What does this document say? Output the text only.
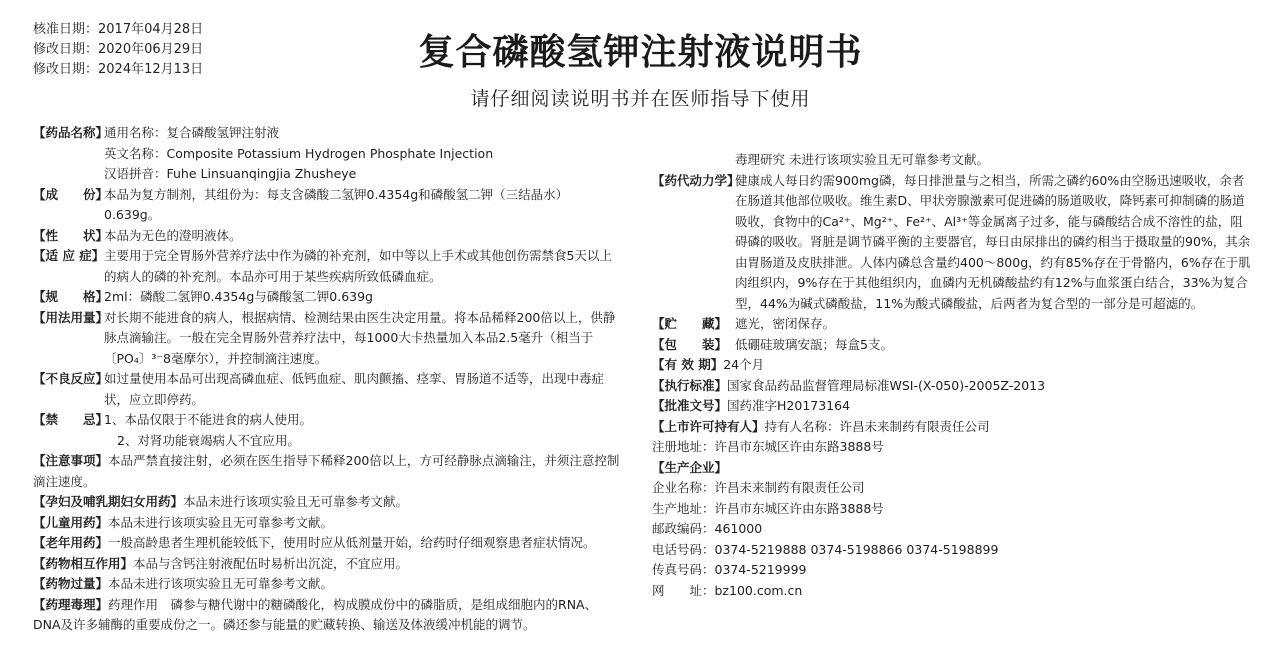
核准日期：2017年04月28日
修改日期：2020年06月29日
修改日期：2024年12月13日	复合磷酸氢钾注射液说明书
请仔细阅读说明书并在医师指导下使用
【药品名称】
通用名称：复合磷酸氢钾注射液
英文名称：Composite Potassium Hydrogen Phosphate Injection
汉语拼音：Fuhe Linsuanqingjia Zhusheye
【成　　份】
本品为复方制剂，其组份为：每支含磷酸二氢钾0.4354g和磷酸氢二钾（三结晶水）0.639g。
【性　　状】
本品为无色的澄明液体。
【适 应 症】 主要用于完全胃肠外营养疗法中作为磷的补充剂，如中等以上手术或其他创伤需禁食5天以上的病人的磷的补充剂。本品亦可用于某些疾病所致低磷血症。
【规　　格】
2ml：磷酸二氢钾0.4354g与磷酸氢二钾0.639g
【用法用量】
对长期不能进食的病人，根据病情、检测结果由医生决定用量。将本品稀释200倍以上，供静脉点滴输注。一般在完全胃肠外营养疗法中，每1000大卡热量加入本品2.5毫升（相当于〔PO₄〕³⁻8毫摩尔），并控制滴注速度。
【不良反应】
如过量使用本品可出现高磷血症、低钙血症、肌肉颤搐、痉挛、胃肠道不适等，出现中毒症状，应立即停药。
【禁　　忌】
1、本品仅限于不能进食的病人使用。
2、对肾功能衰竭病人不宜应用。
【注意事项】本品严禁直接注射，必须在医生指导下稀释200倍以上，方可经静脉点滴输注，并须注意控制滴注速度。
【孕妇及哺乳期妇女用药】本品未进行该项实验且无可靠参考文献。
【儿童用药】本品未进行该项实验且无可靠参考文献。
【老年用药】一般高龄患者生理机能较低下，使用时应从低剂量开始，给药时仔细观察患者症状情况。
【药物相互作用】本品与含钙注射液配伍时易析出沉淀，不宜应用。
【药物过量】本品未进行该项实验且无可靠参考文献。
【药理毒理】药理作用　磷参与糖代谢中的糖磷酸化，构成膜成份中的磷脂质，是组成细胞内的RNA、DNA及许多辅酶的重要成份之一。磷还参与能量的贮藏转换、输送及体液缓冲机能的调节。
毒理研究 未进行该项实验且无可靠参考文献。
【药代动力学】
健康成人每日约需900mg磷，每日排泄量与之相当，所需之磷约60%由空肠迅速吸收，余者在肠道其他部位吸收。维生素D、甲状旁腺激素可促进磷的肠道吸收，降钙素可抑制磷的肠道吸收，食物中的Ca²⁺、Mg²⁺、Fe²⁺、Al³⁺等金属离子过多，能与磷酸结合成不溶性的盐，阻碍磷的吸收。肾脏是调节磷平衡的主要器官，每日由尿排出的磷约相当于摄取量的90%，其余由胃肠道及皮肤排泄。人体内磷总含量约400～800g，约有85%存在于骨骼内，6%存在于肌肉组织内，9%存在于其他组织内，血磷内无机磷酸盐约有12%与血浆蛋白结合，33%为复合型，44%为碱式磷酸盐，11%为酸式磷酸盐，后两者为复合型的一部分是可超滤的。
【贮　　藏】 遮光，密闭保存。
【包　　装】 低硼硅玻璃安瓿；每盒5支。
【有 效 期】 24个月
【执行标准】 国家食品药品监督管理局标准WSI-(X-050)-2005Z-2013
【批准文号】 国药准字H20173164
【上市许可持有人】 持有人名称：许昌未来制药有限责任公司
注册地址：许昌市东城区许由东路3888号
【生产企业】
企业名称：许昌未来制药有限责任公司
生产地址：许昌市东城区许由东路3888号
邮政编码：461000
电话号码：0374-5219888 0374-5198866 0374-5198899
传真号码：0374-5219999
网　　址：bz100.com.cn
